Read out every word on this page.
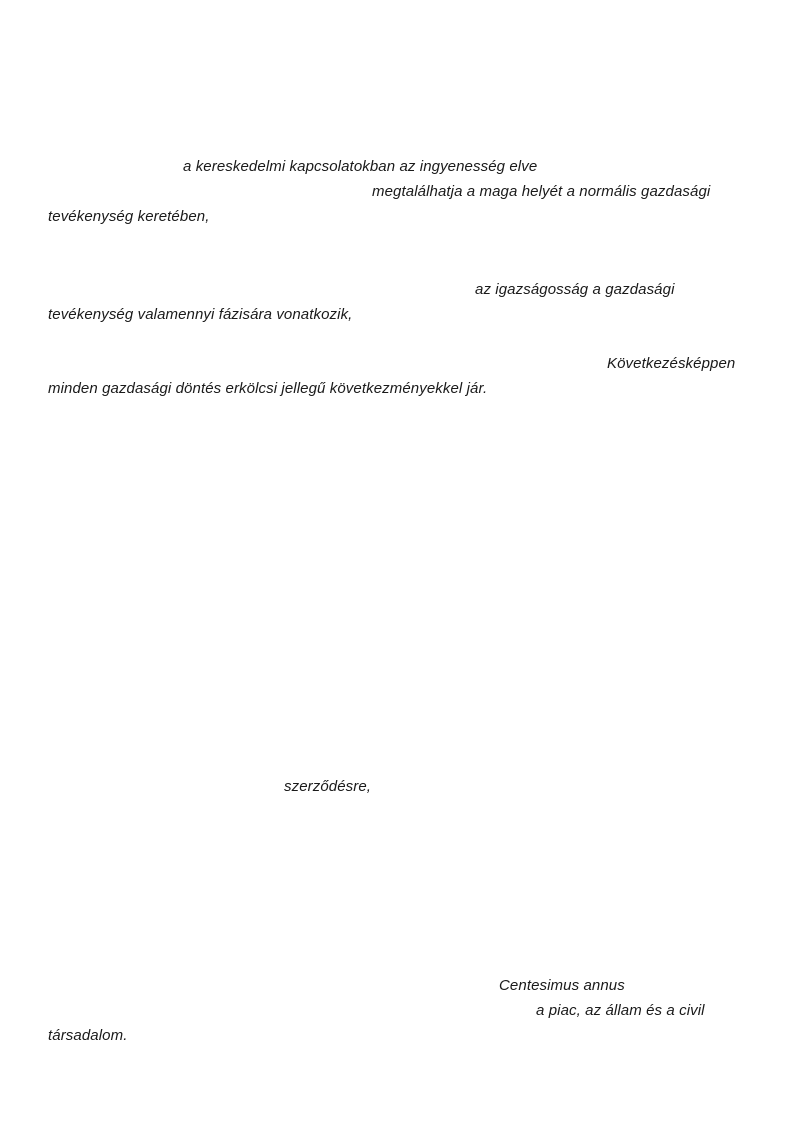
a kereskedelmi kapcsolatokban az ingyenesség elve
megtalálhatja a maga helyét a normális gazdasági
tevékenység keretében,
az igazságosság a gazdasági
tevékenység valamennyi fázisára vonatkozik,
Következésképpen
minden gazdasági döntés erkölcsi jellegű következményekkel jár.
szerződésre,
Centesimus annus
a piac, az állam és a civil
társadalom.
